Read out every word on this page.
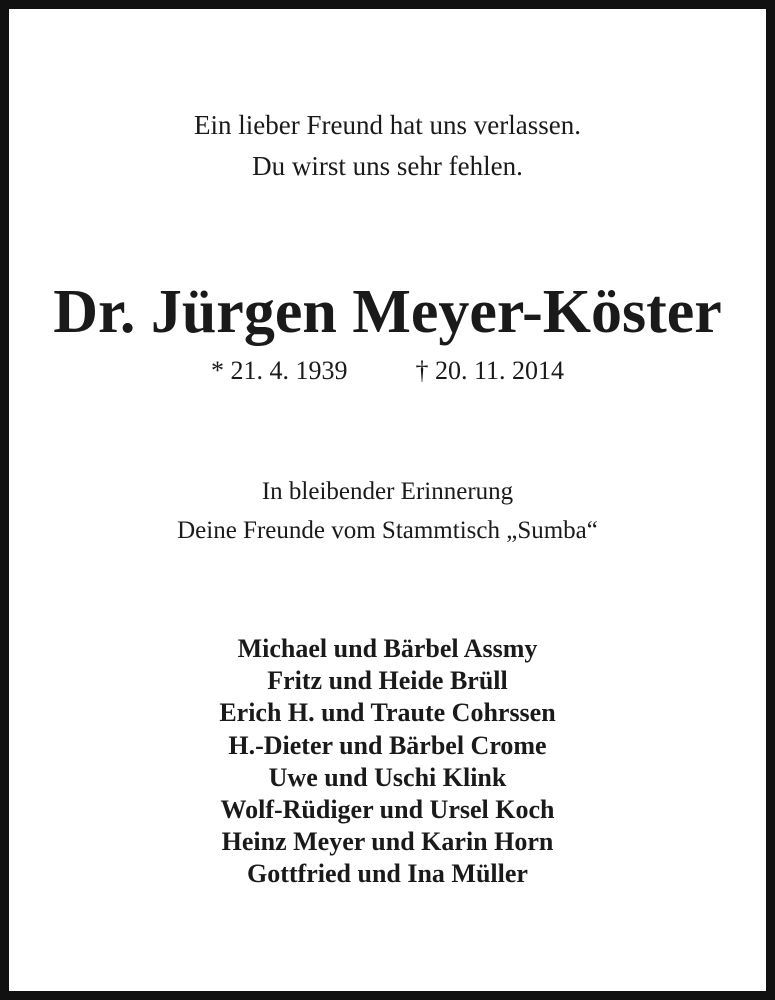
Ein lieber Freund hat uns verlassen.
Du wirst uns sehr fehlen.
Dr. Jürgen Meyer-Köster
* 21. 4. 1939	† 20. 11. 2014
In bleibender Erinnerung
Deine Freunde vom Stammtisch „Sumba“
Michael und Bärbel Assmy
Fritz und Heide Brüll
Erich H. und Traute Cohrssen
H.-Dieter und Bärbel Crome
Uwe und Uschi Klink
Wolf-Rüdiger und Ursel Koch
Heinz Meyer und Karin Horn
Gottfried und Ina Müller
